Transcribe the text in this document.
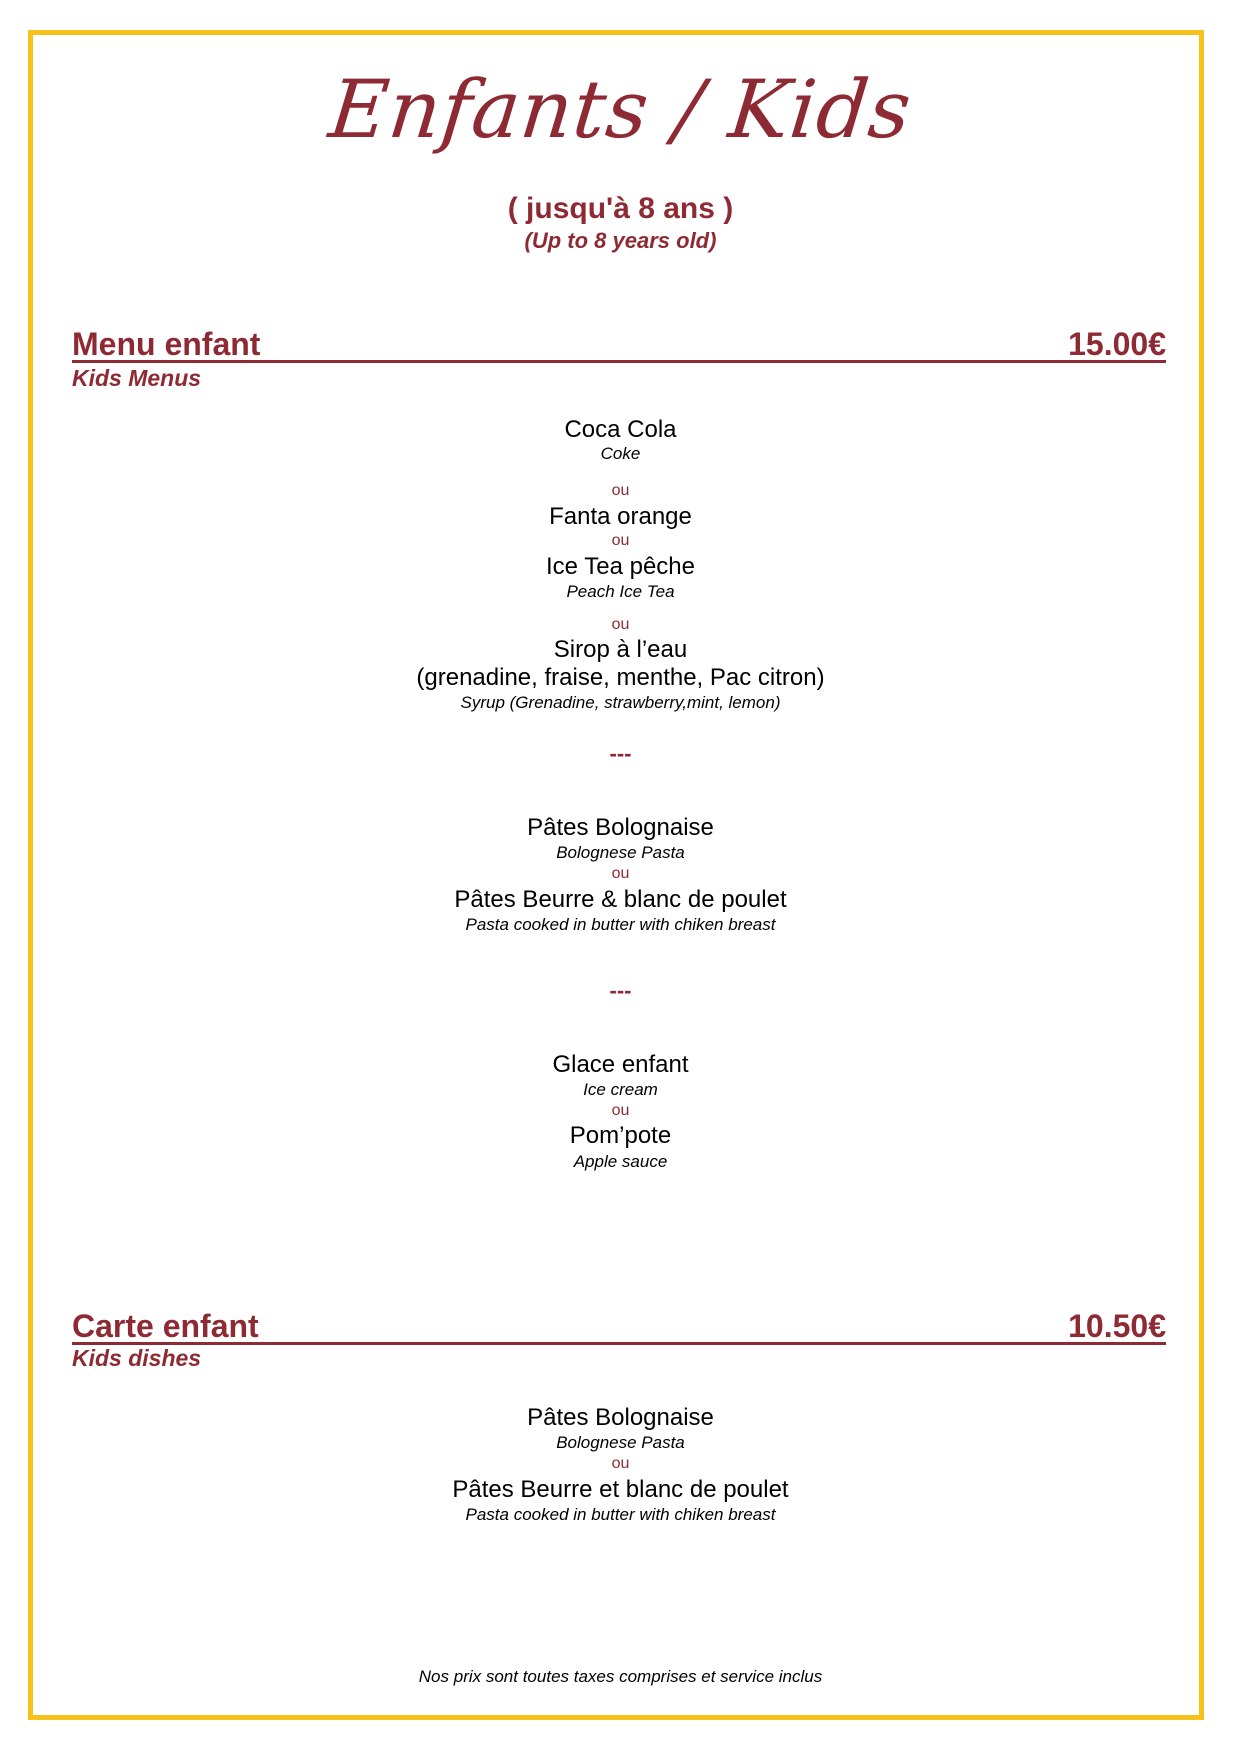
Enfants / Kids
( jusqu'à 8 ans )
(Up to 8 years old)
Menu enfant	15.00€
Kids Menus
Coca Cola
Coke
ou
Fanta orange
ou
Ice Tea pêche
Peach Ice Tea
ou
Sirop à l’eau
(grenadine, fraise, menthe, Pac citron)
Syrup (Grenadine, strawberry,mint, lemon)
---
Pâtes Bolognaise
Bolognese Pasta
ou
Pâtes Beurre & blanc de poulet
Pasta cooked in butter with chiken breast
---
Glace enfant
Ice cream
ou
Pom’pote
Apple sauce
Carte enfant	10.50€
Kids dishes
Pâtes Bolognaise
Bolognese Pasta
ou
Pâtes Beurre et blanc de poulet
Pasta cooked in butter with chiken breast
Nos prix sont toutes taxes comprises et service inclus
